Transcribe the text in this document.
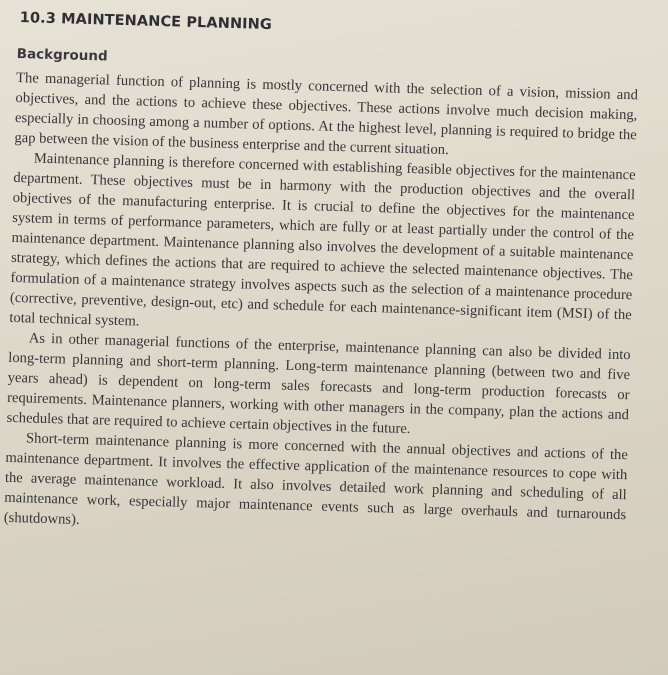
10.3 MAINTENANCE PLANNING
Background

The managerial function of planning is mostly concerned with the selection of a vision, mission and objectives, and the actions to achieve these objectives. These actions involve much decision making, especially in choosing among a number of options. At the highest level, planning is required to bridge the gap between the vision of the business enterprise and the current situation.

Maintenance planning is therefore concerned with establishing feasible objectives for the maintenance department. These objectives must be in harmony with the production objectives and the overall objectives of the manufacturing enterprise. It is crucial to define the objectives for the maintenance system in terms of performance parameters, which are fully or at least partially under the control of the maintenance department. Maintenance planning also involves the development of a suitable maintenance strategy, which defines the actions that are required to achieve the selected maintenance objectives. The formulation of a maintenance strategy involves aspects such as the selection of a maintenance procedure (corrective, preventive, design-out, etc) and schedule for each maintenance-significant item (MSI) of the total technical system.

As in other managerial functions of the enterprise, maintenance planning can also be divided into long-term planning and short-term planning. Long-term maintenance planning (between two and five years ahead) is dependent on long-term sales forecasts and long-term production forecasts or requirements. Maintenance planners, working with other managers in the company, plan the actions and schedules that are required to achieve certain objectives in the future.

Short-term maintenance planning is more concerned with the annual objectives and actions of the maintenance department. It involves the effective application of the maintenance resources to cope with the average maintenance workload. It also involves detailed work planning and scheduling of all maintenance work, especially major maintenance events such as large overhauls and turnarounds (shutdowns).
